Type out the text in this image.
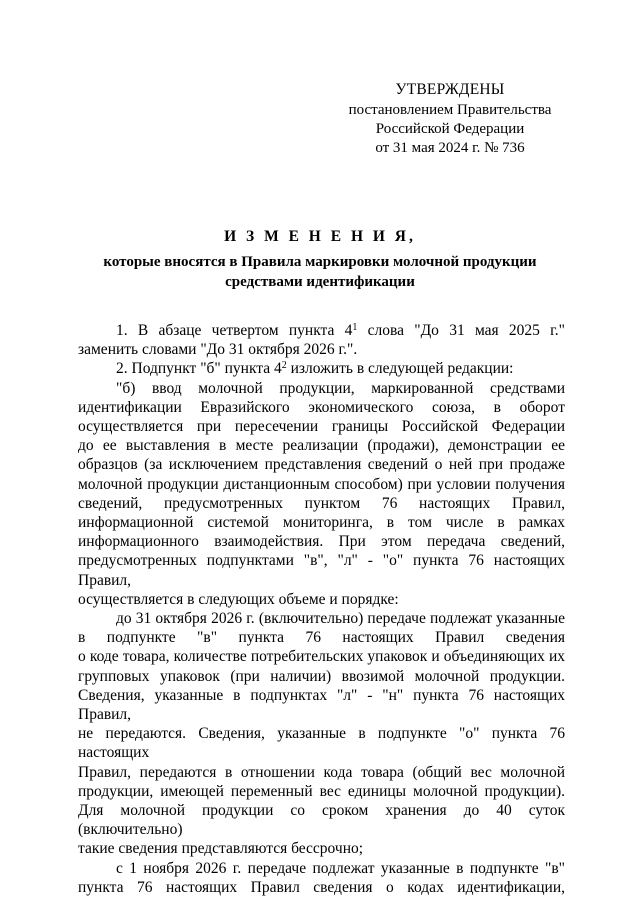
УТВЕРЖДЕНЫ
постановлением Правительства
Российской Федерации
от 31 мая 2024 г. № 736
И З М Е Н Е Н И Я,
которые вносятся в Правила маркировки молочной продукции
средствами идентификации

1. В абзаце четвертом пункта $4^1$ слова "До 31 мая 2025 г."

заменить словами "До 31 октября 2026 г.".

2. Подпункт "б" пункта $4^2$ изложить в следующей редакции:

"б) ввод молочной продукции, маркированной средствами

идентификации Евразийского экономического союза, в оборот

осуществляется при пересечении границы Российской Федерации

до ее выставления в месте реализации (продажи), демонстрации ее

образцов (за исключением представления сведений о ней при продаже

молочной продукции дистанционным способом) при условии получения

сведений, предусмотренных пунктом 76 настоящих Правил,

информационной системой мониторинга, в том числе в рамках

информационного взаимодействия. При этом передача сведений,

предусмотренных подпунктами "в", "л" - "о" пункта 76 настоящих Правил,

осуществляется в следующих объеме и порядке:

до 31 октября 2026 г. (включительно) передаче подлежат указанные

в подпункте "в" пункта 76 настоящих Правил сведения

о коде товара, количестве потребительских упаковок и объединяющих их

групповых упаковок (при наличии) ввозимой молочной продукции.

Сведения, указанные в подпунктах "л" - "н" пункта 76 настоящих Правил,

не передаются. Сведения, указанные в подпункте "о" пункта 76 настоящих

Правил, передаются в отношении кода товара (общий вес молочной

продукции, имеющей переменный вес единицы молочной продукции).

Для молочной продукции со сроком хранения до 40 суток (включительно)

такие сведения представляются бессрочно;

с 1 ноября 2026 г. передаче подлежат указанные в подпункте "в"

пункта 76 настоящих Правил сведения о кодах идентификации,
